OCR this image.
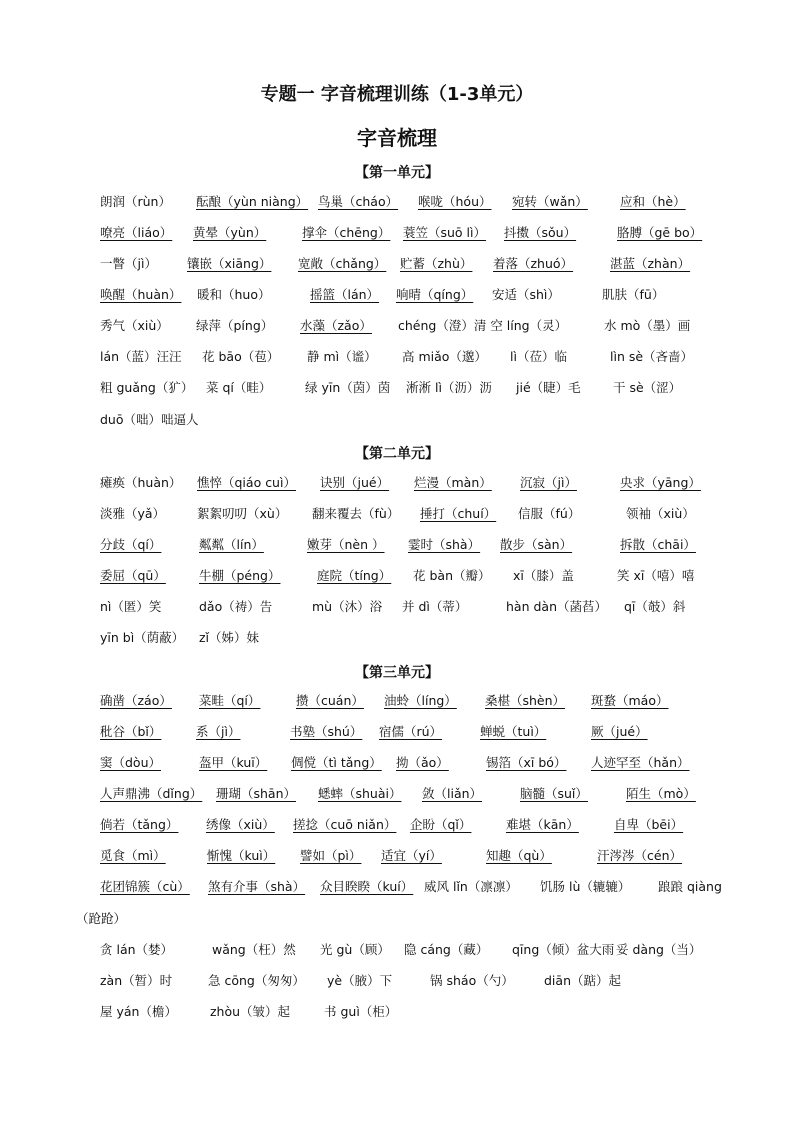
专题一 字音梳理训练（1-3单元）
字音梳理
【第一单元】
朗润（rùn） 酝酿（yùn niàng） 鸟巢（cháo） 喉咙（hóu） 宛转（wǎn）	应和（hè）
嘹亮（liáo） 黄晕（yùn）	撑伞（chēng） 蓑笠（suō lì） 抖擞（sǒu）	胳膊（gē bo）
一瞥（jì） 镶嵌（xiāng） 宽敞（chǎng） 贮蓄（zhù） 着落（zhuó）	湛蓝（zhàn）
唤醒（huàn） 暖和（huo）	摇篮（lán） 响晴（qíng） 安适（shì）	肌肤（fū）
秀气（xiù） 绿萍（píng） 水藻（zǎo） chéng（澄）清 空 líng（灵）	水 mò（墨）画
lán（蓝）汪汪 花 bāo（苞） 静 mì（谧） 高 miǎo（邈） lì（莅）临	lìn sè（吝啬）
粗 guǎng（犷） 菜 qí（畦）	绿 yīn（茵）茵 淅淅 lì（沥）沥 jié（睫）毛	干 sè（涩）
duō（咄）咄逼人
【第二单元】
瘫痪（huàn） 憔悴（qiáo cuì） 诀别（jué） 烂漫（màn） 沉寂（jì）	央求（yāng）
淡雅（yǎ）	絮絮叨叨（xù） 翻来覆去（fù） 捶打（chuí） 信服（fú）	领袖（xiù）
分歧（qí）	粼粼（lín）	嫩芽（nèn ） 霎时（shà） 散步（sàn）	拆散（chāi）
委屈（qū）	牛棚（péng）	庭院（tíng） 花 bàn（瓣） xī（膝）盖	笑 xī（嘻）嘻
nì（匿）笑	dǎo（祷）告	mù（沐）浴 并 dì（蒂）	hàn dàn（菡萏） qī（攲）斜
yīn bì（荫蔽） zǐ（姊）妹
【第三单元】
确凿（záo） 菜畦（qí）	攒（cuán） 油蛉（líng） 桑椹（shèn） 斑蝥（máo）
秕谷（bǐ）	系（jì）	书塾（shú） 宿儒（rú）	蝉蜕（tuì）	厥（jué）
窦（dòu）	盔甲（kuī） 倜傥（tì tǎng） 拗（ǎo）	锡箔（xī bó） 人迹罕至（hǎn）
人声鼎沸（dǐng） 珊瑚（shān） 蟋蟀（shuài） 敛（liǎn）	脑髓（suǐ）	陌生（mò）
倘若（tǎng） 绣像（xiù） 搓捻（cuō niǎn） 企盼（qǐ）	难堪（kān）	自卑（bēi）
觅食（mì）	惭愧（kuì） 譬如（pì） 适宜（yí）	知趣（qù）	汗涔涔（cén）
花团锦簇（cù） 煞有介事（shà） 众目睽睽（kuí） 威风 lǐn（凛凛） 饥肠 lù（辘辘） 踉踉 qiàng
（跄跄）
贪 lán（婪）	wǎng（枉）然 光 gù（顾） 隐 cáng（藏） qīng（倾）盆大雨 妥 dàng（当）
zàn（暂）时	急 cōng（匆匆） yè（腋）下	锅 sháo（勺） diān（踮）起
屋 yán（檐）	zhòu（皱）起	书 guì（柜）
